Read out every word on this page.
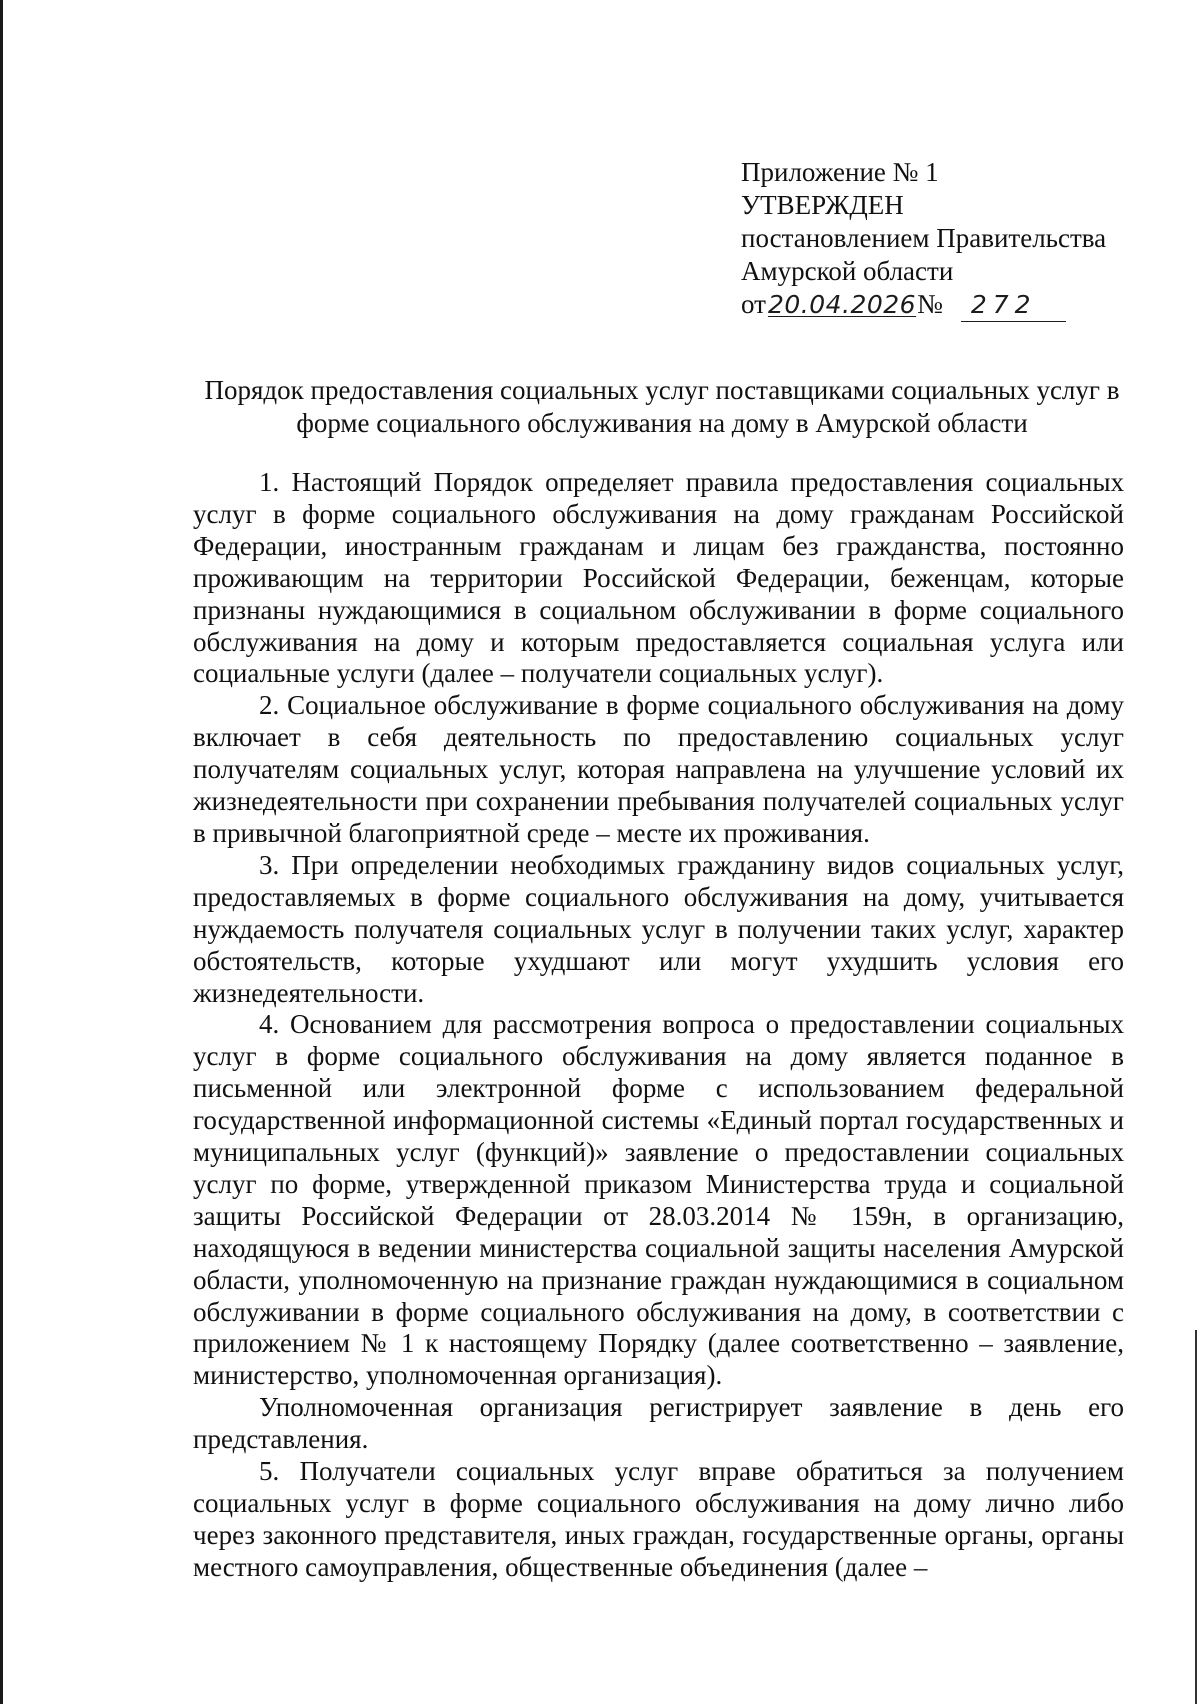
Приложение № 1
УТВЕРЖДЕН
постановлением Правительства
Амурской области
от20.04.2026№ 272
Порядок предоставления социальных услуг поставщиками социальных услуг в форме социального обслуживания на дому в Амурской области

1. Настоящий Порядок определяет правила предоставления социальных услуг в форме социального обслуживания на дому гражданам Российской Федерации, иностранным гражданам и лицам без гражданства, постоянно проживающим на территории Российской Федерации, беженцам, которые признаны нуждающимися в социальном обслуживании в форме социального обслуживания на дому и которым предоставляется социальная услуга или социальные услуги (далее – получатели социальных услуг).

2. Социальное обслуживание в форме социального обслуживания на дому включает в себя деятельность по предоставлению социальных услуг получателям социальных услуг, которая направлена на улучшение условий их жизнедеятельности при сохранении пребывания получателей социальных услуг в привычной благоприятной среде – месте их проживания.

3. При определении необходимых гражданину видов социальных услуг, предоставляемых в форме социального обслуживания на дому, учитывается нуждаемость получателя социальных услуг в получении таких услуг, характер обстоятельств, которые ухудшают или могут ухудшить условия его жизнедеятельности.

4. Основанием для рассмотрения вопроса о предоставлении социальных услуг в форме социального обслуживания на дому является поданное в письменной или электронной форме с использованием федеральной государственной информационной системы «Единый портал государственных и муниципальных услуг (функций)» заявление о предоставлении социальных услуг по форме, утвержденной приказом Министерства труда и социальной защиты Российской Федерации от 28.03.2014 № 159н, в организацию, находящуюся в ведении министерства социальной защиты населения Амурской области, уполномоченную на признание граждан нуждающимися в социальном обслуживании в форме социального обслуживания на дому, в соответствии с приложением № 1 к настоящему Порядку (далее соответственно – заявление, министерство, уполномоченная организация).

Уполномоченная организация регистрирует заявление в день его представления.

5. Получатели социальных услуг вправе обратиться за получением социальных услуг в форме социального обслуживания на дому лично либо через законного представителя, иных граждан, государственные органы, органы местного самоуправления, общественные объединения (далее –
